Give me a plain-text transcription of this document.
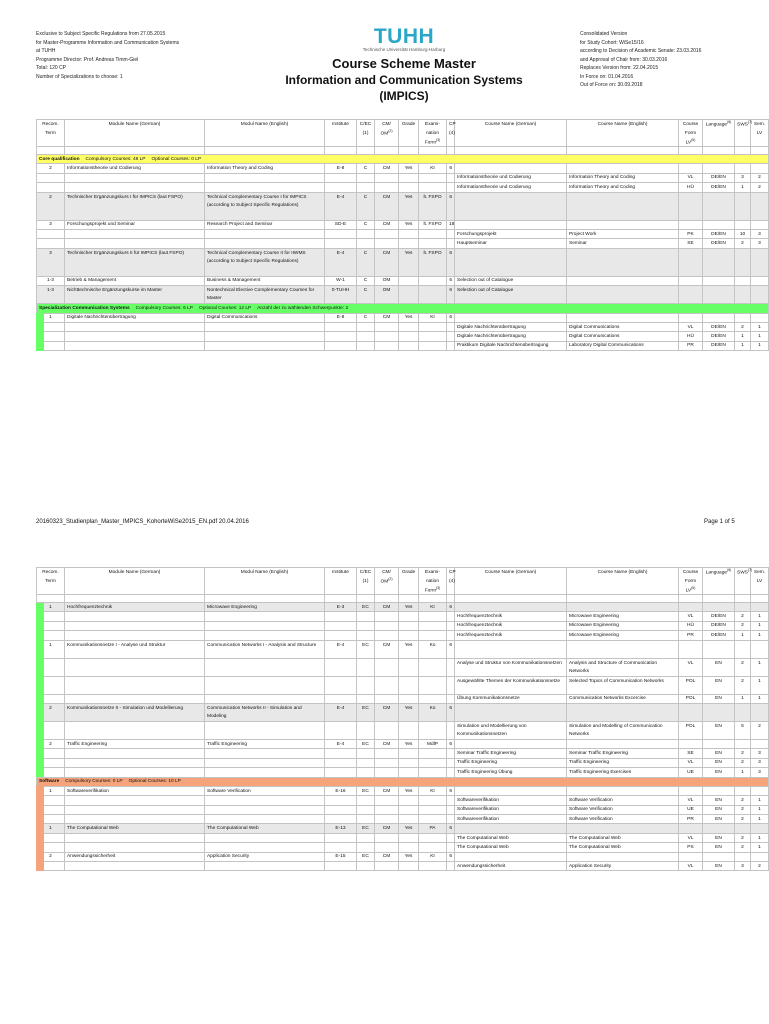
Exclusive to Subject Specific Regulations from 27.05.2015
for Master-Programme Information and Communication Systems
at TUHH
Programme Director: Prof. Andreas Timm-Giel
Total: 120 CP
Number of Specializations to choose: 1
TUHH
Technische Universität Hamburg-Harburg
Course Scheme Master
Information and Communication Systems
(IMPICS)
Consolidated Version
for Study Cohort: WiSe15/16
according to Decision of Academic Senate: 23.03.2016
and Approval of Chair from: 30.03.2016
Replaces Version from: 22.04.2015
In Force on: 01.04.2016
Out of Force on: 30.09.2018
Recom.	Module Name (German)	Modul Name (English)	Institute	C/EC	CM/	Grade	Exami-	CP	Course Name (German)	Course Name (English)	Course	Language$^{(6)}$	SWS$^{(7)}$	Sem.
Term				(1)	OM$^{(2)}$		nation	(4)			Form			LV
							Form$^{(3)}$				LV$^{(5)}$			

Core qualification Compulsory Courses: 48 LP Optional Courses: 0 LP														
2	Informationstheorie und Codierung	Information Theory and Coding	E-8	C	CM	Yes	KI	6						
									Informationstheorie und Codierung	Information Theory and Coding	VL	DE/EN	3	2
									Informationstheorie und Codierung	Information Theory and Coding	HÜ	DE/EN	1	2
2	Technischer Ergänzungskurs I für IMPICS (laut FSPO)	Technical Complementary Course I for IMPICS (according to Subject Specific Regulations)	E-4	C	CM	Yes	lt. FSPO	6						
3	Forschungsprojekt und Seminar	Research Project and Seminar	SD-E	C	CM	Yes	lt. FSPO	18						
									Forschungsprojekt	Project Work	PK	DE/EN	10	3
									Hauptseminar	Seminar	SE	DE/EN	2	3
3	Technischer Ergänzungskurs II für IMPICS (laut FSPO)	Technical Complementary Course II for IIWMS (according to Subject Specific Regulations)	E-4	C	CM	Yes	lt. FSPO	6						
1-3	Betrieb & Management	Business & Management	W-1	C	OM			6	Selection out of Catalogue					
1-3	Nichttechnische Ergänzungskurse im Master	Nontechnical Elective Complementary Courses for Master	0-TUHH	C	OM			6	Selection out of Catalogue					
Specialization Communication Systems Compulsory Courses: 6 LP Optional Courses: 12 LP Anzahl der zu wählenden Schwerpunkte: 2														
1	Digitale Nachrichtenübertragung	Digital Communications	E-8	C	CM	Yes	KI	6						
									Digitale Nachrichtenübertragung	Digital Communications	VL	DE/EN	2	1
									Digitale Nachrichtenübertragung	Digital Communications	HÜ	DE/EN	1	1
									Praktikum Digitale Nachrichtenübertragung	Laboratory Digital Communications	PR	DE/EN	1	1
20160323_Studienplan_Master_IMPICS_KohorteWiSe2015_EN.pdf 20.04.2016	Page 1 of 5
Recom.	Module Name (German)	Modul Name (English)	Institute	C/EC	CM/	Grade	Exami-	CP	Course Name (German)	Course Name (English)	Course	Language$^{(6)}$	SWS$^{(7)}$	Sem.
Term				(1)	OM$^{(2)}$		nation	(4)			Form			LV
							Form$^{(3)}$				LV$^{(5)}$			

1	Hochfrequenztechnik	Microwave Engineering	E-3	EC	CM	Yes	KI	6						
									Hochfrequenztechnik	Microwave Engineering	VL	DE/EN	2	1
									Hochfrequenztechnik	Microwave Engineering	HÜ	DE/EN	2	1
									Hochfrequenztechnik	Microwave Engineering	PR	DE/EN	1	1
1	Kommunikationsnetze I - Analyse und Struktur	Communication Networks I - Analysis and Structure	E-4	EC	CM	Yes	Ko	6						
									Analyse und Struktur von Kommunikationsnetzen	Analysis and Structure of Communication Networks	VL	EN	2	1
									Ausgewählte Themen der Kommunikationsnetze	Selected Topics of Communication Networks	POL	EN	2	1
									Übung Kommunikationsnetze	Communication Networks Excercise	POL	EN	1	1
2	Kommunikationsnetze II - Simulation und Modellierung	Communication Networks II - Simulation and Modeling	E-4	EC	CM	Yes	Ko	6						
									Simulation und Modellierung von Kommunikationsnetzen	Simulation and Modelling of Communication Networks	POL	EN	5	2
2	Traffic Engineering	Traffic Engineering	E-4	EC	CM	Yes	MdlP	6						
									Seminar Traffic Engineering	Seminar Traffic Engineering	SE	EN	2	3
									Traffic Engineering	Traffic Engineering	VL	EN	2	3
									Traffic Engineering Übung	Traffic Engineering Exercises	UE	EN	1	3
Software Compulsory Courses: 0 LP Optional Courses: 10 LP														
1	Softwareverifikation	Software Verification	E-16	EC	CM	Yes	KI	6						
									Softwareverifikation	Software Verification	VL	EN	2	1
									Softwareverifikation	Software Verification	UE	EN	2	1
									Softwareverifikation	Software Verification	PR	EN	2	1
1	The Computational Web	The Computational Web	E-13	EC	CM	Yes	PA	6						
									The Computational Web	The Computational Web	VL	EN	2	1
									The Computational Web	The Computational Web	PS	EN	2	1
2	Anwendungssicherheit	Application Security	E-15	EC	CM	Yes	KI	6						
									Anwendungssicherheit	Application Security	VL	EN	3	2
